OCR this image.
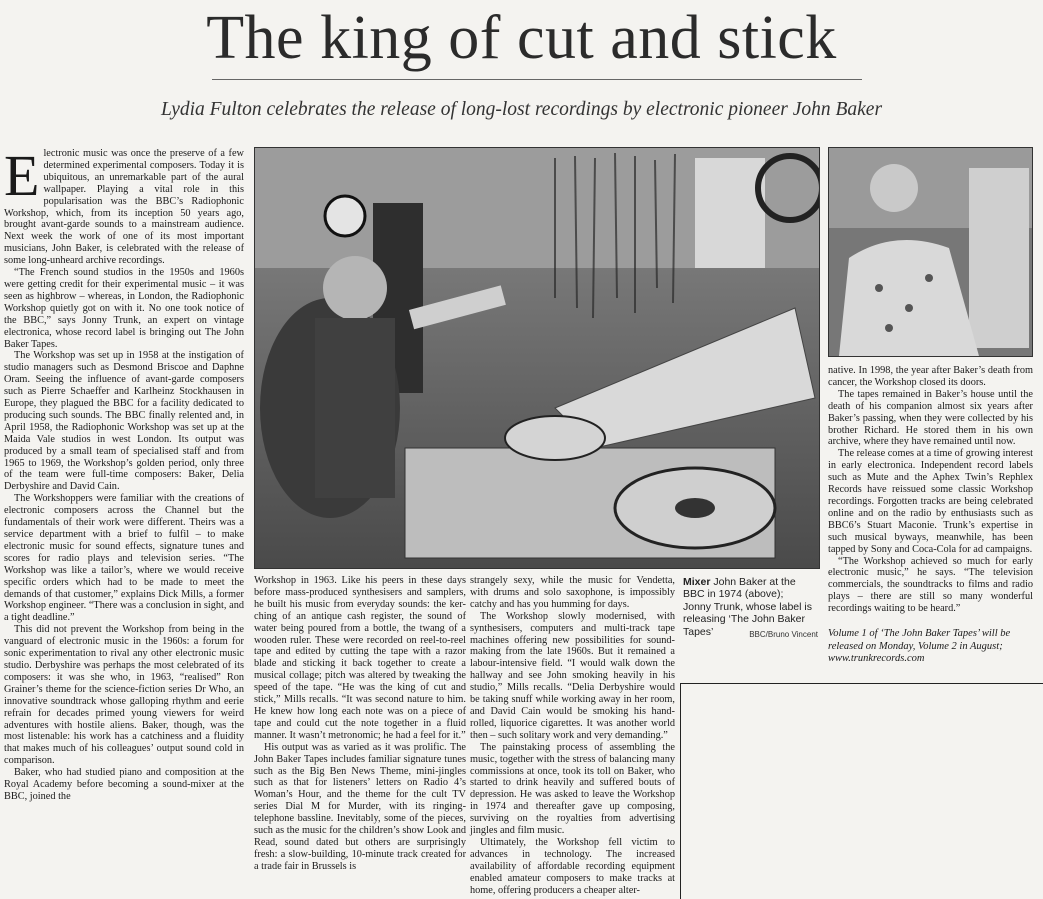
The king of cut and stick
Lydia Fulton celebrates the release of long-lost recordings by electronic pioneer John Baker

Electronic music was once the preserve of a few determined experimental composers. Today it is ubiquitous, an unremarkable part of the aural wallpaper. Playing a vital role in this popularisation was the BBC’s Radiophonic Workshop, which, from its inception 50 years ago, brought avant-garde sounds to a mainstream audience. Next week the work of one of its most important musicians, John Baker, is celebrated with the release of some long-unheard archive recordings.

“The French sound studios in the 1950s and 1960s were getting credit for their experimental music – it was seen as highbrow – whereas, in London, the Radiophonic Workshop quietly got on with it. No one took notice of the BBC,” says Jonny Trunk, an expert on vintage electronica, whose record label is bringing out The John Baker Tapes.

The Workshop was set up in 1958 at the instigation of studio managers such as Desmond Briscoe and Daphne Oram. Seeing the influence of avant-garde composers such as Pierre Schaeffer and Karlheinz Stockhausen in Europe, they plagued the BBC for a facility dedicated to producing such sounds. The BBC finally relented and, in April 1958, the Radiophonic Workshop was set up at the Maida Vale studios in west London. Its output was produced by a small team of specialised staff and from 1965 to 1969, the Workshop’s golden period, only three of the team were full-time composers: Baker, Delia Derbyshire and David Cain.

The Workshoppers were familiar with the creations of electronic composers across the Channel but the fundamentals of their work were different. Theirs was a service department with a brief to fulfil – to make electronic music for sound effects, signature tunes and scores for radio plays and television series. “The Workshop was like a tailor’s, where we would receive specific orders which had to be made to meet the demands of that customer,” explains Dick Mills, a former Workshop engineer. “There was a conclusion in sight, and a tight deadline.”

This did not prevent the Workshop from being in the vanguard of electronic music in the 1960s: a forum for sonic experimentation to rival any other electronic music studio. Derbyshire was perhaps the most celebrated of its composers: it was she who, in 1963, “realised” Ron Grainer’s theme for the science-fiction series Dr Who, an innovative soundtrack whose galloping rhythm and eerie refrain for decades primed young viewers for weird adventures with hostile aliens. Baker, though, was the most listenable: his work has a catchiness and a fluidity that makes much of his colleagues’ output sound cold in comparison.

Baker, who had studied piano and composition at the Royal Academy before becoming a sound-mixer at the BBC, joined the

Workshop in 1963. Like his peers in these days before mass-produced synthesisers and samplers, he built his music from everyday sounds: the ker-ching of an antique cash register, the sound of water being poured from a bottle, the twang of a wooden ruler. These were recorded on reel-to-reel tape and edited by cutting the tape with a razor blade and sticking it back together to create a musical collage; pitch was altered by tweaking the speed of the tape. “He was the king of cut and stick,” Mills recalls. “It was second nature to him. He knew how long each note was on a piece of tape and could cut the note together in a fluid manner. It wasn’t metronomic; he had a feel for it.”

His output was as varied as it was prolific. The John Baker Tapes includes familiar signature tunes such as the Big Ben News Theme, mini-jingles such as that for listeners’ letters on Radio 4’s Woman’s Hour, and the theme for the cult TV series Dial M for Murder, with its ringing-telephone bassline. Inevitably, some of the pieces, such as the music for the children’s show Look and Read, sound dated but others are surprisingly fresh: a slow-building, 10-minute track created for a trade fair in Brussels is

strangely sexy, while the music for Vendetta, with drums and solo saxophone, is impossibly catchy and has you humming for days.

The Workshop slowly modernised, with synthesisers, computers and multi-track tape machines offering new possibilities for sound-making from the late 1960s. But it remained a labour-intensive field. “I would walk down the hallway and see John smoking heavily in his studio,” Mills recalls. “Delia Derbyshire would be taking snuff while working away in her room, and David Cain would be smoking his hand-rolled, liquorice cigarettes. It was another world then – such solitary work and very demanding.”

The painstaking process of assembling the music, together with the stress of balancing many commissions at once, took its toll on Baker, who started to drink heavily and suffered bouts of depression. He was asked to leave the Workshop in 1974 and thereafter gave up composing, surviving on the royalties from advertising jingles and film music.

Ultimately, the Workshop fell victim to advances in technology. The increased availability of affordable recording equipment enabled amateur composers to make tracks at home, offering producers a cheaper alter-

Mixer John Baker at the BBC in 1974 (above); Jonny Trunk, whose label is releasing ‘The John Baker Tapes’	BBC/Bruno Vincent

native. In 1998, the year after Baker’s death from cancer, the Workshop closed its doors.

The tapes remained in Baker’s house until the death of his companion almost six years after Baker’s passing, when they were collected by his brother Richard. He stored them in his own archive, where they have remained until now.

The release comes at a time of growing interest in early electronica. Independent record labels such as Mute and the Aphex Twin’s Rephlex Records have reissued some classic Workshop recordings. Forgotten tracks are being celebrated online and on the radio by enthusiasts such as BBC6’s Stuart Maconie. Trunk’s expertise in such musical byways, meanwhile, has been tapped by Sony and Coca-Cola for ad campaigns.

“The Workshop achieved so much for early electronic music,” he says. “The television commercials, the soundtracks to films and radio plays – there are still so many wonderful recordings waiting to be heard.”

Volume 1 of ‘The John Baker Tapes’ will be released on Monday, Volume 2 in August; www.trunkrecords.com
